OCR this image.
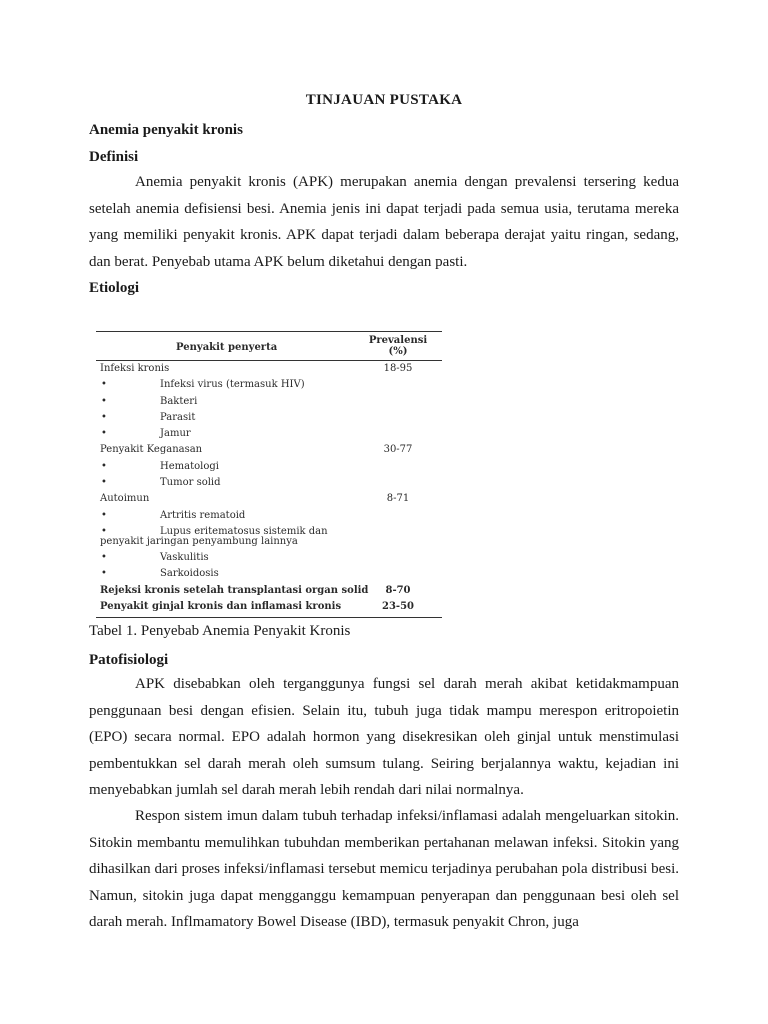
TINJAUAN PUSTAKA
Anemia penyakit kronis
Definisi

Anemia penyakit kronis (APK) merupakan anemia dengan prevalensi tersering kedua setelah anemia defisiensi besi. Anemia jenis ini dapat terjadi pada semua usia, terutama mereka yang memiliki penyakit kronis. APK dapat terjadi dalam beberapa derajat yaitu ringan, sedang, dan berat. Penyebab utama APK belum diketahui dengan pasti.

Etiologi
Penyakit penyerta
Prevalensi
(%)
Infeksi kronis	18-95
•	Infeksi virus (termasuk HIV)
•	Bakteri
•	Parasit
•	Jamur
Penyakit Keganasan	30-77
•	Hematologi
•	Tumor solid
Autoimun	8-71
•	Artritis rematoid
•	Lupus eritematosus sistemik dan
penyakit jaringan penyambung lainnya
•	Vaskulitis
•	Sarkoidosis
Rejeksi kronis setelah transplantasi organ solid	8-70
Penyakit ginjal kronis dan inflamasi kronis	23-50
Tabel 1. Penyebab Anemia Penyakit Kronis
Patofisiologi

APK disebabkan oleh terganggunya fungsi sel darah merah akibat ketidakmampuan penggunaan besi dengan efisien. Selain itu, tubuh juga tidak mampu merespon eritropoietin (EPO) secara normal. EPO adalah hormon yang disekresikan oleh ginjal untuk menstimulasi pembentukkan sel darah merah oleh sumsum tulang. Seiring berjalannya waktu, kejadian ini menyebabkan jumlah sel darah merah lebih rendah dari nilai normalnya.

Respon sistem imun dalam tubuh terhadap infeksi/inflamasi adalah mengeluarkan sitokin. Sitokin membantu memulihkan tubuhdan memberikan pertahanan melawan infeksi. Sitokin yang dihasilkan dari proses infeksi/inflamasi tersebut memicu terjadinya perubahan pola distribusi besi. Namun, sitokin juga dapat mengganggu kemampuan penyerapan dan penggunaan besi oleh sel darah merah. Inflmamatory Bowel Disease (IBD), termasuk penyakit Chron, juga
